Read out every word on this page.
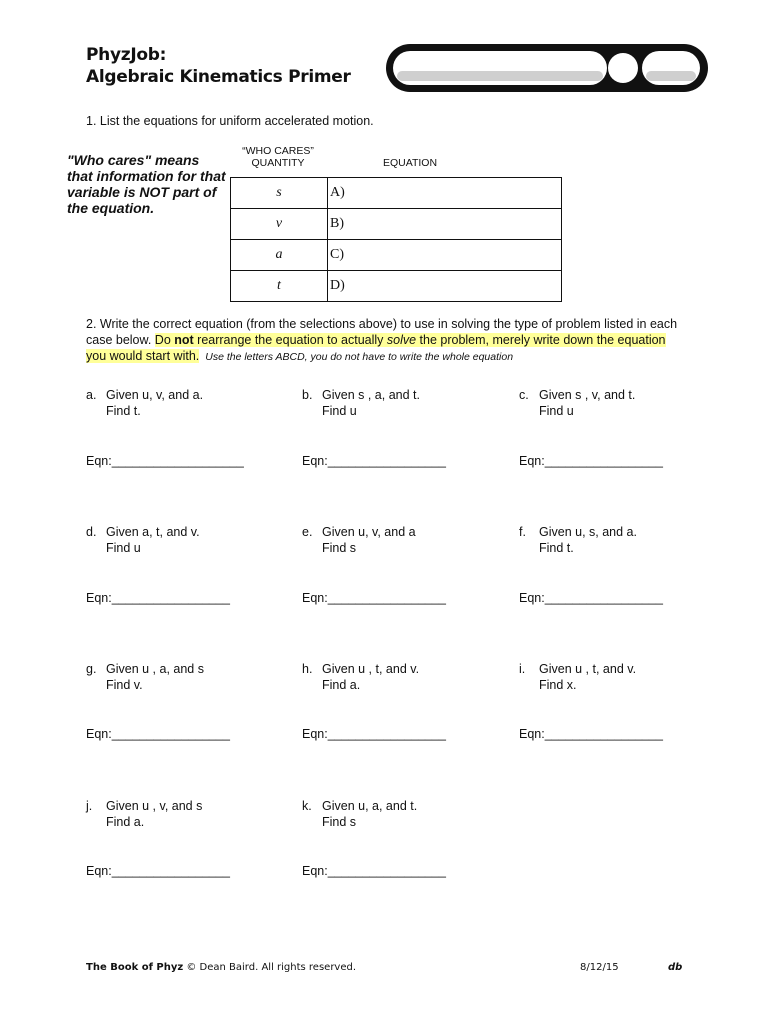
PhyzJob:
Algebraic Kinematics Primer
1. List the equations for uniform accelerated motion.
"Who cares" means that information for that variable is NOT part of the equation.
“WHO CARES”
QUANTITY	EQUATION
s	A)
v	B)
a	C)
t	D)
2. Write the correct equation (from the selections above) to use in solving the type of problem listed in each case below. Do not rearrange the equation to actually solve the problem, merely write down the equation you would start with. Use the letters ABCD, you do not have to write the whole equation
a. Given u, v, and a.
Find t.
Eqn:___________________
b. Given s , a, and t.
Find u
Eqn:_________________
c. Given s , v, and t.
Find u
Eqn:_________________
d. Given a, t, and v.
Find u
Eqn:_________________
e. Given u, v, and a
Find s
Eqn:_________________
f. Given u, s, and a.
Find t.
Eqn:_________________
g. Given u , a, and s
Find v.
Eqn:_________________
h. Given u , t, and v.
Find a.
Eqn:_________________
i. Given u , t, and v.
Find x.
Eqn:_________________
j. Given u , v, and s
Find a.
Eqn:_________________
k. Given u, a, and t.
Find s
Eqn:_________________
The Book of Phyz © Dean Baird. All rights reserved.	8/12/15	db
